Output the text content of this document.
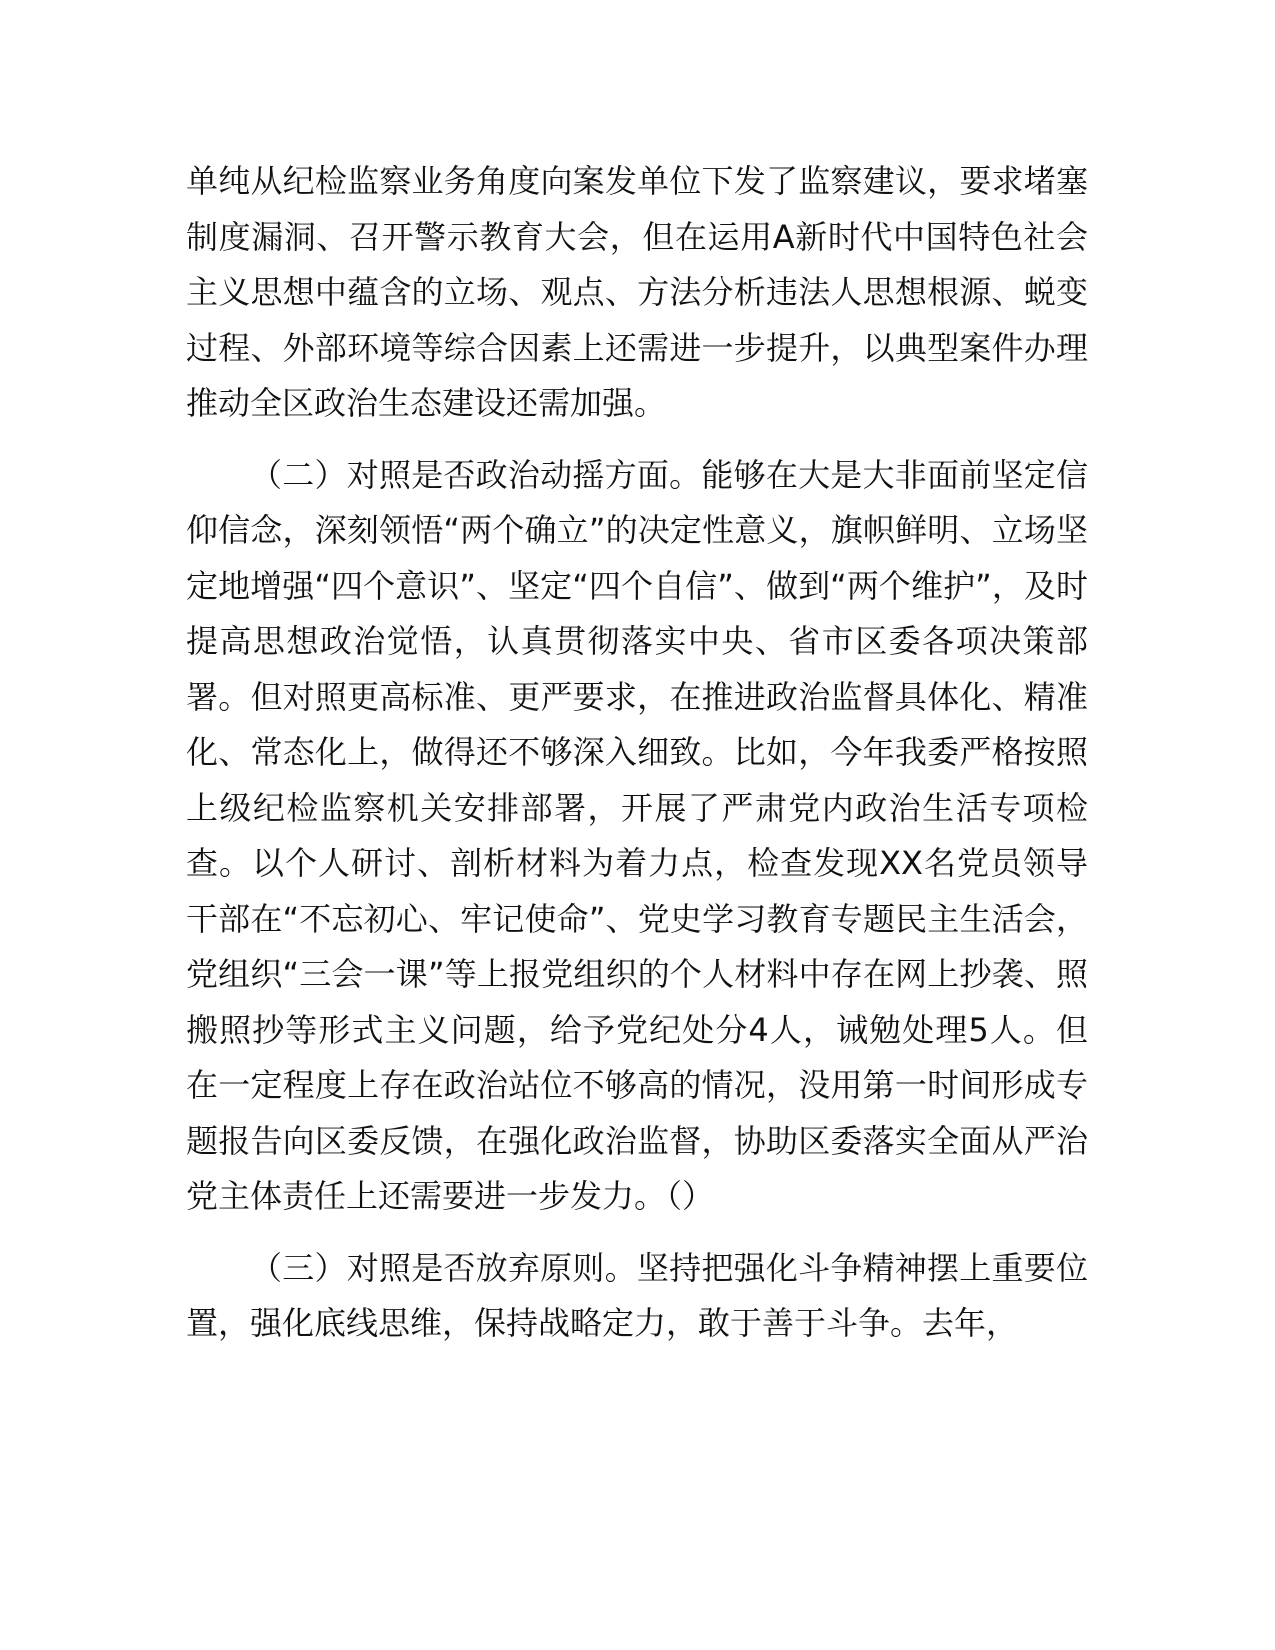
单纯从纪检监察业务角度向案发单位下发了监察建议，要求堵塞制度漏洞、召开警示教育大会，但在运用A新时代中国特色社会主义思想中蕴含的立场、观点、方法分析违法人思想根源、蜕变过程、外部环境等综合因素上还需进一步提升，以典型案件办理推动全区政治生态建设还需加强。

（二）对照是否政治动摇方面。能够在大是大非面前坚定信仰信念，深刻领悟“两个确立”的决定性意义，旗帜鲜明、立场坚定地增强“四个意识”、坚定“四个自信”、做到“两个维护”，及时提高思想政治觉悟，认真贯彻落实中央、省市区委各项决策部署。但对照更高标准、更严要求，在推进政治监督具体化、精准化、常态化上，做得还不够深入细致。比如，今年我委严格按照上级纪检监察机关安排部署，开展了严肃党内政治生活专项检查。以个人研讨、剖析材料为着力点，检查发现XX名党员领导干部在“不忘初心、牢记使命”、党史学习教育专题民主生活会，党组织“三会一课”等上报党组织的个人材料中存在网上抄袭、照搬照抄等形式主义问题，给予党纪处分4人，诫勉处理5人。但在一定程度上存在政治站位不够高的情况，没用第一时间形成专题报告向区委反馈，在强化政治监督，协助区委落实全面从严治党主体责任上还需要进一步发力。（）

（三）对照是否放弃原则。坚持把强化斗争精神摆上重要位置，强化底线思维，保持战略定力，敢于善于斗争。去年，
